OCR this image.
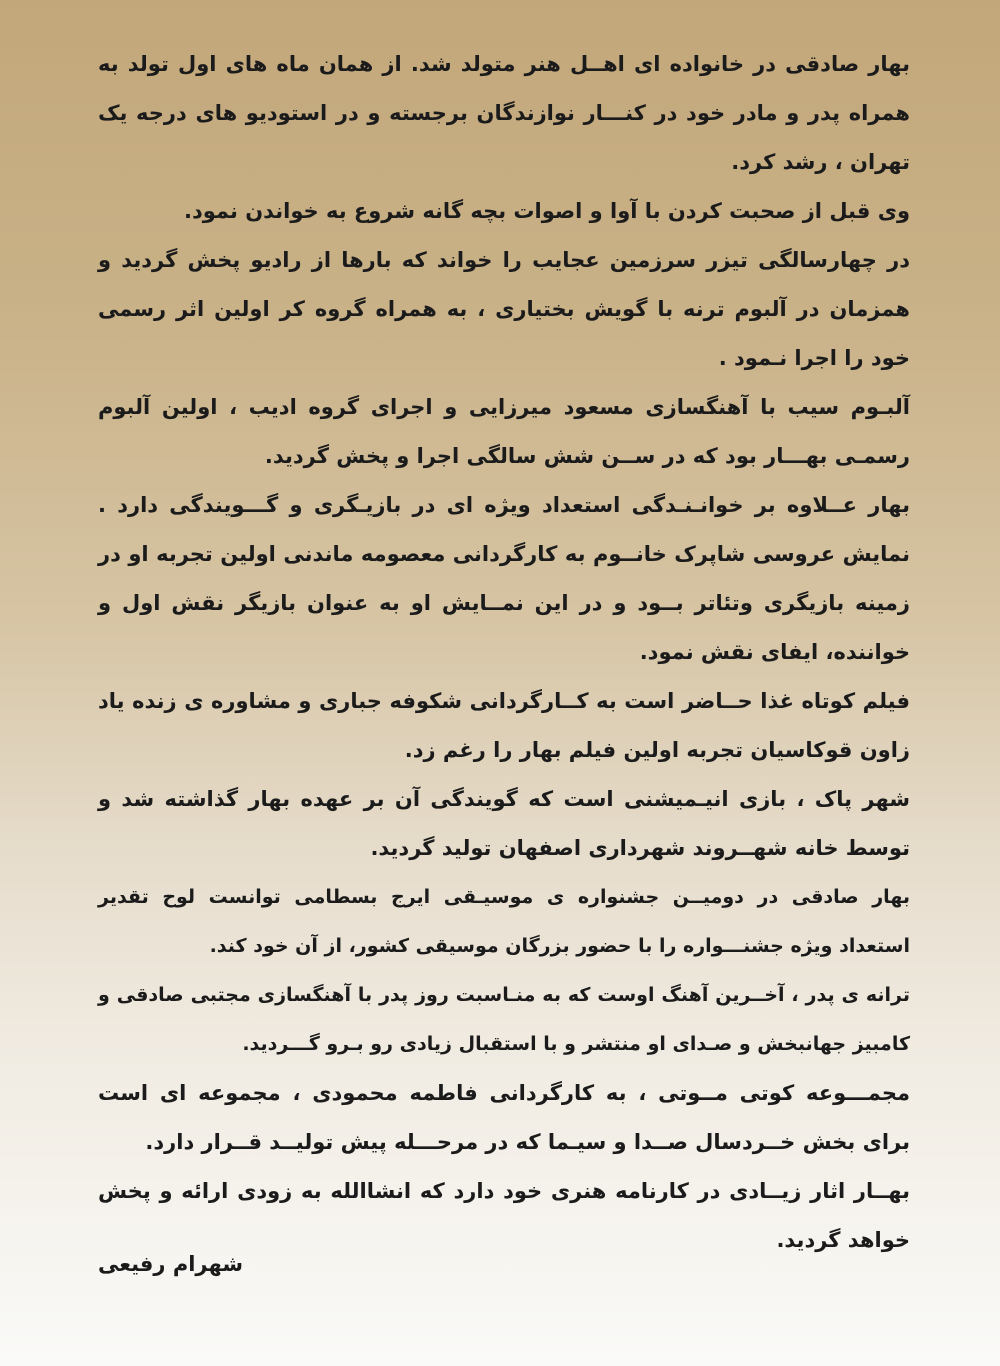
بهار صادقی در خانواده ای اهــل هنر متولد شد. از همان ماه های اول تولد به همراه پدر و مادر خود در کنـــار نوازندگان برجسته و در استودیو های درجه یک تهران ، رشد کرد.

وی قبل از صحبت کردن با آوا و اصوات بچه گانه شروع به خواندن نمود.

در چهارسالگی تیزر سرزمین عجایب را خواند که بارها از رادیو پخش گردید و همزمان در آلبوم ترنه با گویش بختیاری ، به همراه گروه کر اولین اثر رسمی خود را اجرا نـمود .

آلبـوم سیب با آهنگسازی مسعود میرزایی و اجرای گروه ادیب ، اولین آلبوم رسمـی بهـــار بود که در ســن شش سالگی اجرا و پخش گردید.

بهار عــلاوه بر خوانـنـدگی استعداد ویژه ای در بازیـگری و گـــویندگی دارد . نمایش عروسی شاپرک خانــوم به کارگردانی معصومه ماندنی اولین تجربه او در زمینه بازیگری وتئاتر بــود و در این نمــایش او به عنوان بازیگر نقش اول و خواننده، ایفای نقش نمود.

فیلم کوتاه غذا حــاضر است به کــارگردانی شکوفه جباری و مشاوره ی زنده یاد زاون قوکاسیان تجربه اولین فیلم بهار را رغم زد.

شهر پاک ، بازی انیـمیشنی است که گویندگی آن بر عهده بهار گذاشته شد و توسط خانه شهــروند شهرداری اصفهان تولید گردید.

بهار صادقی در دومیــن جشنواره ی موسیـقی ایرج بسطامی توانست لوح تقدیر استعداد ویژه جشنـــواره را با حضور بزرگان موسیقی کشور، از آن خود کند.

ترانه ی پدر ، آخــرین آهنگ اوست که به منـاسبت روز پدر با آهنگسازی مجتبی صادقی و کامبیز جهانبخش و صـدای او منتشر و با استقبال زیادی رو بـرو گـــردید.

مجمـــوعه کوتی مــوتی ، به کارگردانی فاطمه محمودی ، مجموعه ای است برای بخش خــردسال صــدا و سیـما که در مرحـــله پیش تولیــد قــرار دارد.

بهــار اثار زیــادی در کارنامه هنری خود دارد که انشاالله به زودی ارائه و پخش خواهد گردید.

شهرام رفیعی
